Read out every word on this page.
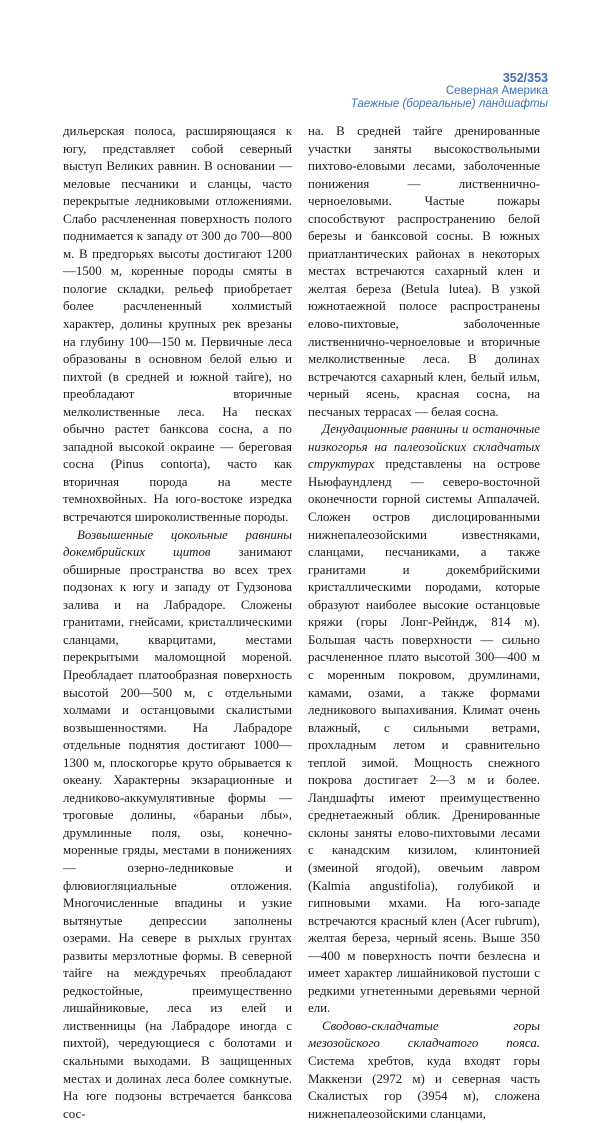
352/353
Северная Америка
Таежные (бореальные) ландшафты

дильерская полоса, расширяющаяся к югу, представляет собой северный выступ Великих равнин. В основании — меловые песчаники и сланцы, часто перекрытые ледниковыми отложениями. Слабо расчлененная поверхность полого поднимается к западу от 300 до 700—800 м. В предгорьях высоты достигают 1200—1500 м, коренные породы смяты в пологие складки, рельеф приобретает более расчлененный холмистый характер, долины крупных рек врезаны на глубину 100—150 м. Первичные леса образованы в основном белой елью и пихтой (в средней и южной тайге), но преобладают вторичные мелколиственные леса. На песках обычно растет банксова сосна, а по западной высокой окраине — береговая сосна (Pinus contorta), часто как вторичная порода на месте темнохвойных. На юго-востоке изредка встречаются широколиственные породы.

Возвышенные цокольные равнины докембрийских щитов занимают обширные пространства во всех трех подзонах к югу и западу от Гудзонова залива и на Лабрадоре. Сложены гранитами, гнейсами, кристаллическими сланцами, кварцитами, местами перекрытыми маломощной мореной. Преобладает платообразная поверхность высотой 200—500 м, с отдельными холмами и останцовыми скалистыми возвышенностями. На Лабрадоре отдельные поднятия достигают 1000—1300 м, плоскогорье круто обрывается к океану. Характерны экзарационные и ледниково-аккумулятивные формы — троговые долины, «бараньи лбы», друмлинные поля, озы, конечно-моренные гряды, местами в понижениях — озерно-ледниковые и флювиогляциальные отложения. Многочисленные впадины и узкие вытянутые депрессии заполнены озерами. На севере в рыхлых грунтах развиты мерзлотные формы. В северной тайге на междуречьях преобладают редкостойные, преимущественно лишайниковые, леса из елей и лиственницы (на Лабрадоре иногда с пихтой), чередующиеся с болотами и скальными выходами. В защищенных местах и долинах леса более сомкнутые. На юге подзоны встречается банксова сос-

на. В средней тайге дренированные участки заняты высокоствольными пихтово-еловыми лесами, заболоченные понижения — лиственнично-черноеловыми. Частые пожары способствуют распространению белой березы и банксовой сосны. В южных приатлантических районах в некоторых местах встречаются сахарный клен и желтая береза (Betula lutea). В узкой южнотаежной полосе распространены елово-пихтовые, заболоченные лиственнично-черноеловые и вторичные мелколиственные леса. В долинах встречаются сахарный клен, белый ильм, черный ясень, красная сосна, на песчаных террасах — белая сосна.

Денудационные равнины и останочные низкогорья на палеозойских складчатых структурах представлены на острове Ньюфаундленд — северо-восточной оконечности горной системы Аппалачей. Сложен остров дислоцированными нижнепалеозойскими известняками, сланцами, песчаниками, а также гранитами и докембрийскими кристаллическими породами, которые образуют наиболее высокие останцовые кряжи (горы Лонг-Рейндж, 814 м). Большая часть поверхности — сильно расчлененное плато высотой 300—400 м с моренным покровом, друмлинами, камами, озами, а также формами ледникового выпахивания. Климат очень влажный, с сильными ветрами, прохладным летом и сравнительно теплой зимой. Мощность снежного покрова достигает 2—3 м и более. Ландшафты имеют преимущественно среднетаежный облик. Дренированные склоны заняты елово-пихтовыми лесами с канадским кизилом, клинтонией (змеиной ягодой), овечьим лавром (Kalmia angustifolia), голубикой и гипновыми мхами. На юго-западе встречаются красный клен (Acer rubrum), желтая береза, черный ясень. Выше 350—400 м поверхность почти безлесна и имеет характер лишайниковой пустоши с редкими угнетенными деревьями черной ели.

Сводово-складчатые горы мезозойского складчатого пояса. Система хребтов, куда входят горы Маккензи (2972 м) и северная часть Скалистых гор (3954 м), сложена нижнепалеозойскими сланцами,
